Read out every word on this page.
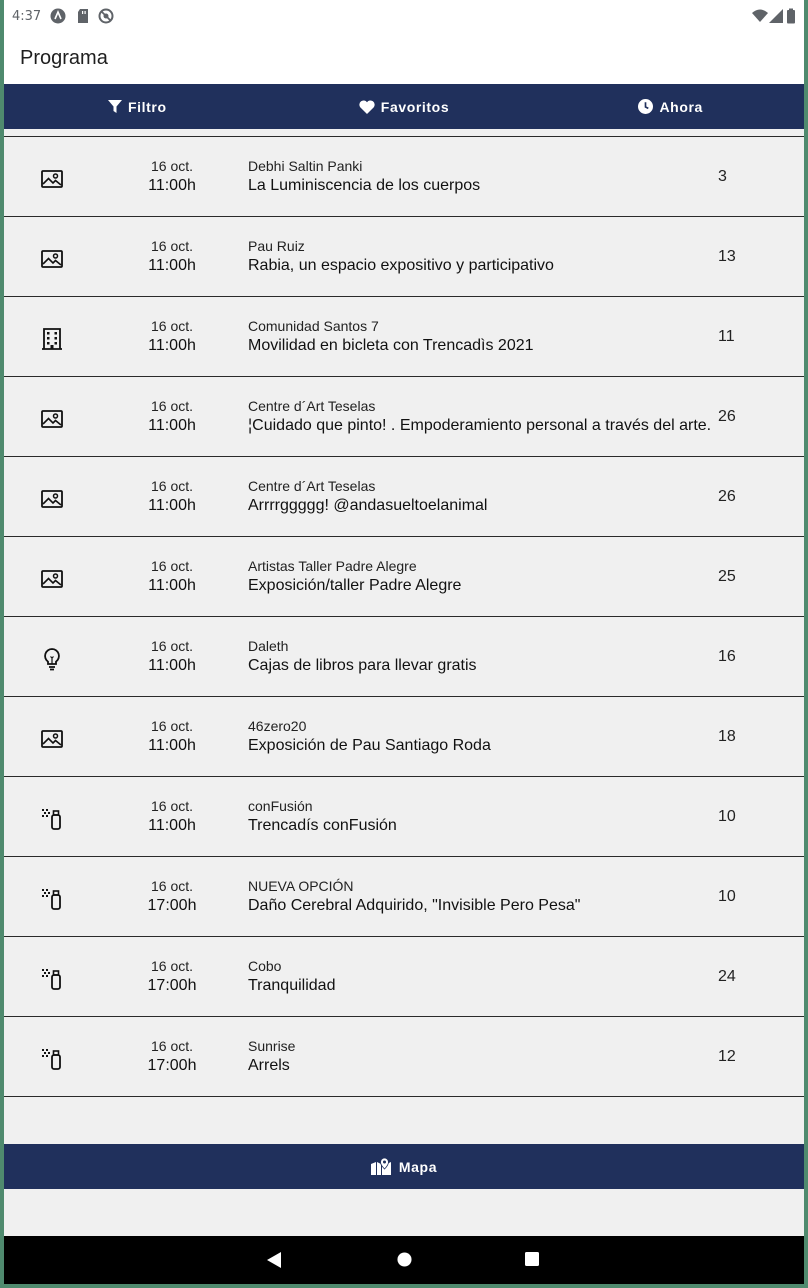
4:37
Programa
Filtro	Favoritos	Ahora
16 oct.
11:00h
Debhi Saltin Panki
La Luminiscencia de los cuerpos
3
16 oct.
11:00h
Pau Ruiz
Rabia, un espacio expositivo y participativo
13
16 oct.
11:00h
Comunidad Santos 7
Movilidad en bicleta con Trencadìs 2021
11
16 oct.
11:00h
Centre d´Art Teselas
¦Cuidado que pinto! . Empoderamiento personal a través del arte.
26
16 oct.
11:00h
Centre d´Art Teselas
Arrrrggggg! @andasueltoelanimal
26
16 oct.
11:00h
Artistas Taller Padre Alegre
Exposición/taller Padre Alegre
25
16 oct.
11:00h
Daleth
Cajas de libros para llevar gratis
16
16 oct.
11:00h
46zero20
Exposición de Pau Santiago Roda
18
16 oct.
11:00h
conFusión
Trencadís conFusión
10
16 oct.
17:00h
NUEVA OPCIÓN
Daño Cerebral Adquirido, "Invisible Pero Pesa"
10
16 oct.
17:00h
Cobo
Tranquilidad
24
16 oct.
17:00h
Sunrise
Arrels
12
Mapa
